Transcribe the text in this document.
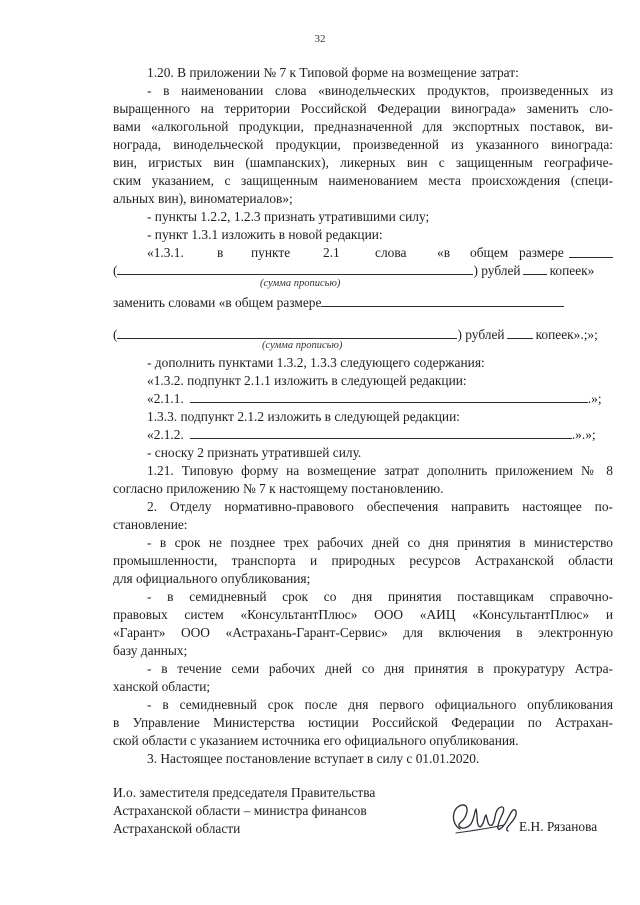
32
1.20. В приложении № 7 к Типовой форме на возмещение затрат:
- в наименовании слова «винодельческих продуктов, произведенных из
выращенного на территории Российской Федерации винограда» заменить сло-
вами «алкогольной продукции, предназначенной для экспортных поставок, ви-
нограда, винодельческой продукции, произведенной из указанного винограда:
вин, игристых вин (шампанских), ликерных вин с защищенным географиче-
ским указанием, с защищенным наименованием места происхождения (специ-
альных вин), виноматериалов»;
- пункты 1.2.2, 1.2.3 признать утратившими силу;
- пункт 1.3.1 изложить в новой редакции:
«1.3.1. в пункте 2.1	слова «в общем размере
(	) рублей копеек»
(сумма прописью)
заменить словами «в общем размере
(	) рублей копеек».;»;
(сумма прописью)
- дополнить пунктами 1.3.2, 1.3.3 следующего содержания:
«1.3.2. подпункт 2.1.1 изложить в следующей редакции:
«2.1.1.	.»;
1.3.3. подпункт 2.1.2 изложить в следующей редакции:
«2.1.2.	.».»;
- сноску 2 признать утратившей силу.
1.21. Типовую форму на возмещение затрат дополнить приложением № 8
согласно приложению № 7 к настоящему постановлению.
2. Отделу нормативно-правового обеспечения направить настоящее по-
становление:
- в срок не позднее трех рабочих дней со дня принятия в министерство
промышленности, транспорта и природных ресурсов Астраханской области
для официального опубликования;
- в семидневный срок со дня принятия поставщикам справочно-
правовых систем «КонсультантПлюс» ООО «АИЦ «КонсультантПлюс» и
«Гарант» ООО «Астрахань-Гарант-Сервис» для включения в электронную
базу данных;
- в течение семи рабочих дней со дня принятия в прокуратуру Астра-
ханской области;
- в семидневный срок после дня первого официального опубликования
в Управление Министерства юстиции Российской Федерации по Астрахан-
ской области с указанием источника его официального опубликования.
3. Настоящее постановление вступает в силу с 01.01.2020.
И.о. заместителя председателя Правительства
Астраханской области – министра финансов
Астраханской области	Е.Н. Рязанова
